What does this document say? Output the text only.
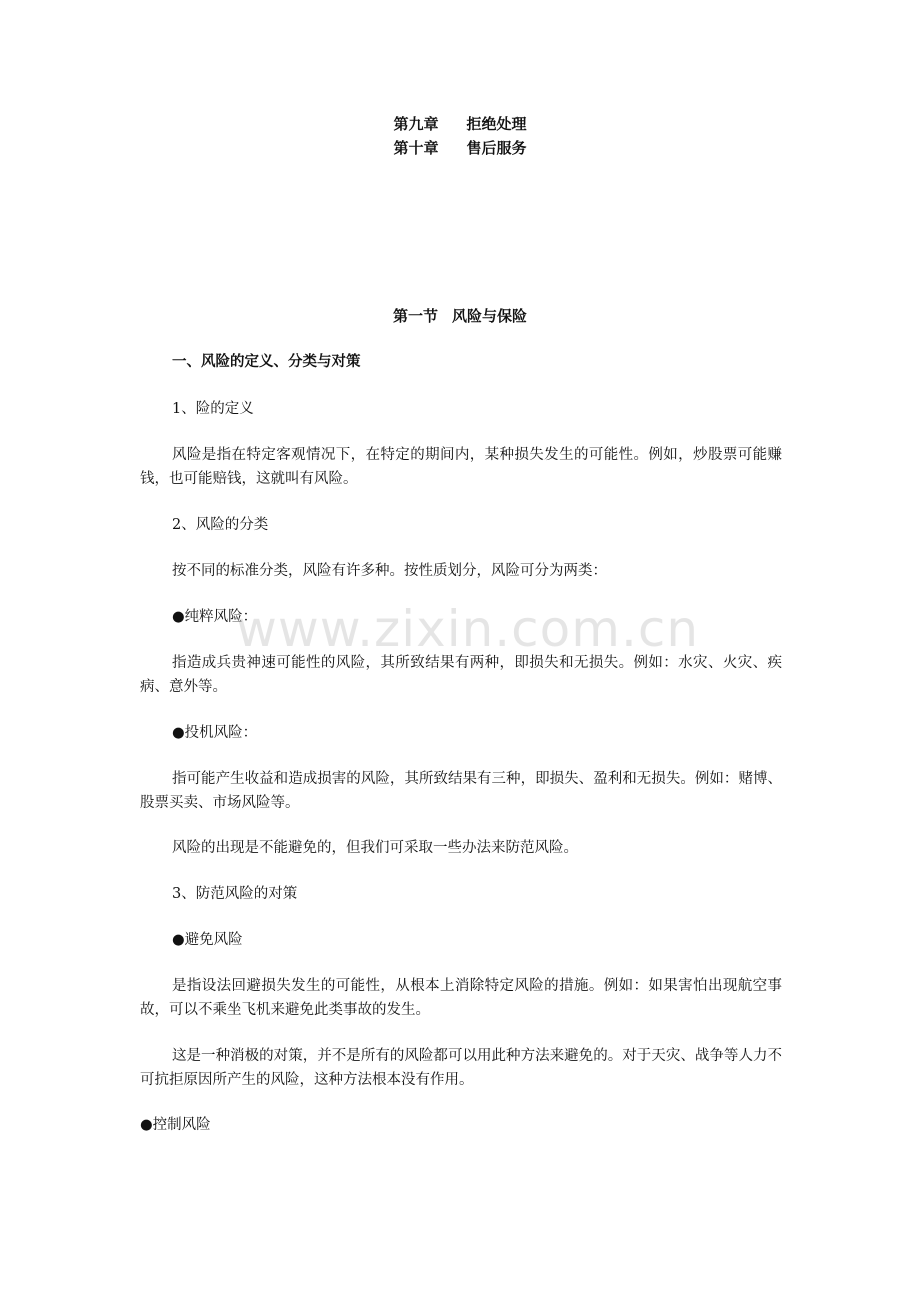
第九章 拒绝处理
第十章 售后服务
第一节 风险与保险
一、风险的定义、分类与对策
1、险的定义
风险是指在特定客观情况下，在特定的期间内，某种损失发生的可能性。例如，炒股票可能赚钱，也可能赔钱，这就叫有风险。
2、风险的分类
按不同的标准分类，风险有许多种。按性质划分，风险可分为两类：
●纯粹风险：
指造成兵贵神速可能性的风险，其所致结果有两种，即损失和无损失。例如：水灾、火灾、疾病、意外等。
●投机风险：
指可能产生收益和造成损害的风险，其所致结果有三种，即损失、盈利和无损失。例如：赌博、股票买卖、市场风险等。
风险的出现是不能避免的，但我们可采取一些办法来防范风险。
3、防范风险的对策
●避免风险
是指设法回避损失发生的可能性，从根本上消除特定风险的措施。例如：如果害怕出现航空事故，可以不乘坐飞机来避免此类事故的发生。
这是一种消极的对策，并不是所有的风险都可以用此种方法来避免的。对于天灾、战争等人力不可抗拒原因所产生的风险，这种方法根本没有作用。
●控制风险
www.zixin.com.cn
